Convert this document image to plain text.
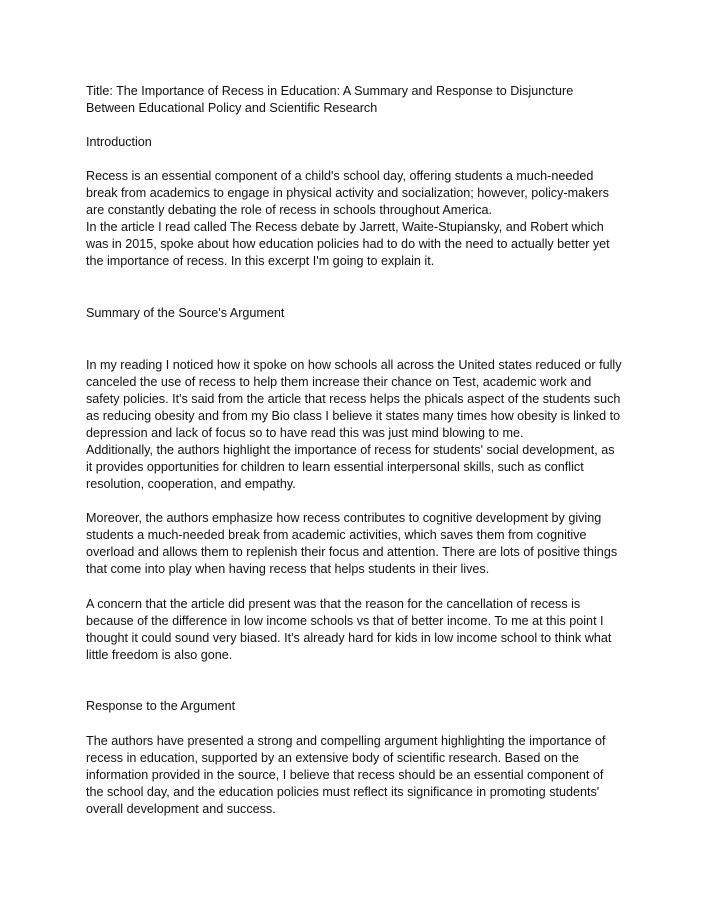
Title: The Importance of Recess in Education: A Summary and Response to Disjuncture
Between Educational Policy and Scientific Research
Introduction
Recess is an essential component of a child's school day, offering students a much-needed
break from academics to engage in physical activity and socialization; however, policy-makers
are constantly debating the role of recess in schools throughout America.
In the article I read called The Recess debate by Jarrett, Waite-Stupiansky, and Robert which
was in 2015, spoke about how education policies had to do with the need to actually better yet
the importance of recess. In this excerpt I'm going to explain it.
Summary of the Source's Argument
In my reading I noticed how it spoke on how schools all across the United states reduced or fully
canceled the use of recess to help them increase their chance on Test, academic work and
safety policies. It's said from the article that recess helps the phicals aspect of the students such
as reducing obesity and from my Bio class I believe it states many times how obesity is linked to
depression and lack of focus so to have read this was just mind blowing to me.
Additionally, the authors highlight the importance of recess for students' social development, as
it provides opportunities for children to learn essential interpersonal skills, such as conflict
resolution, cooperation, and empathy.
Moreover, the authors emphasize how recess contributes to cognitive development by giving
students a much-needed break from academic activities, which saves them from cognitive
overload and allows them to replenish their focus and attention. There are lots of positive things
that come into play when having recess that helps students in their lives.
A concern that the article did present was that the reason for the cancellation of recess is
because of the difference in low income schools vs that of better income. To me at this point I
thought it could sound very biased. It's already hard for kids in low income school to think what
little freedom is also gone.
Response to the Argument
The authors have presented a strong and compelling argument highlighting the importance of
recess in education, supported by an extensive body of scientific research. Based on the
information provided in the source, I believe that recess should be an essential component of
the school day, and the education policies must reflect its significance in promoting students'
overall development and success.
